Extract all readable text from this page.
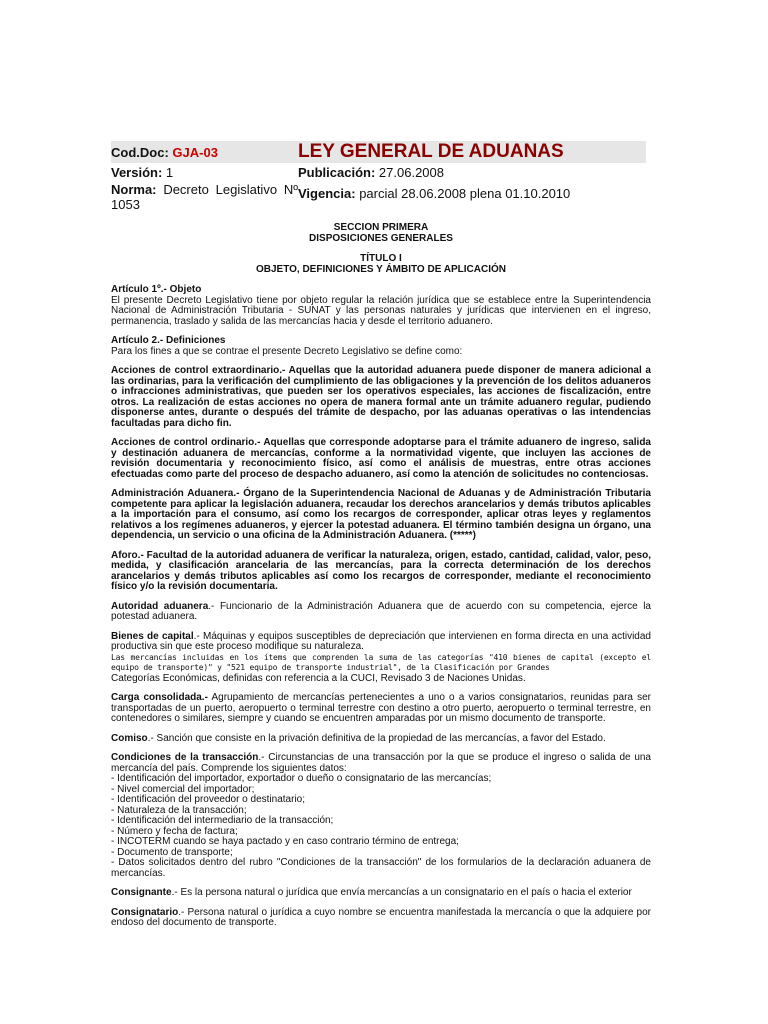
Cod.Doc: GJA-03	LEY GENERAL DE ADUANAS
Versión: 1	Publicación: 27.06.2008
Norma: Decreto Legislativo Nº 1053
Vigencia: parcial 28.06.2008 plena 01.10.2010
SECCION PRIMERA
DISPOSICIONES GENERALES
TÍTULO I
OBJETO, DEFINICIONES Y ÁMBITO DE APLICACIÓN
Artículo 1º.- Objeto
El presente Decreto Legislativo tiene por objeto regular la relación jurídica que se establece entre la Superintendencia Nacional de Administración Tributaria - SUNAT y las personas naturales y jurídicas que intervienen en el ingreso, permanencia, traslado y salida de las mercancías hacia y desde el territorio aduanero.
Artículo 2.- Definiciones
Para los fines a que se contrae el presente Decreto Legislativo se define como:
Acciones de control extraordinario.- Aquellas que la autoridad aduanera puede disponer de manera adicional a las ordinarias, para la verificación del cumplimiento de las obligaciones y la prevención de los delitos aduaneros o infracciones administrativas, que pueden ser los operativos especiales, las acciones de fiscalización, entre otros. La realización de estas acciones no opera de manera formal ante un trámite aduanero regular, pudiendo disponerse antes, durante o después del trámite de despacho, por las aduanas operativas o las intendencias facultadas para dicho fin.
Acciones de control ordinario.- Aquellas que corresponde adoptarse para el trámite aduanero de ingreso, salida y destinación aduanera de mercancías, conforme a la normatividad vigente, que incluyen las acciones de revisión documentaria y reconocimiento físico, así como el análisis de muestras, entre otras acciones efectuadas como parte del proceso de despacho aduanero, así como la atención de solicitudes no contenciosas.
Administración Aduanera.- Órgano de la Superintendencia Nacional de Aduanas y de Administración Tributaria competente para aplicar la legislación aduanera, recaudar los derechos arancelarios y demás tributos aplicables a la importación para el consumo, así como los recargos de corresponder, aplicar otras leyes y reglamentos relativos a los regímenes aduaneros, y ejercer la potestad aduanera. El término también designa un órgano, una dependencia, un servicio o una oficina de la Administración Aduanera. (*****)
Aforo.- Facultad de la autoridad aduanera de verificar la naturaleza, origen, estado, cantidad, calidad, valor, peso, medida, y clasificación arancelaria de las mercancías, para la correcta determinación de los derechos arancelarios y demás tributos aplicables así como los recargos de corresponder, mediante el reconocimiento físico y/o la revisión documentaria.
Autoridad aduanera.- Funcionario de la Administración Aduanera que de acuerdo con su competencia, ejerce la potestad aduanera.
Bienes de capital.- Máquinas y equipos susceptibles de depreciación que intervienen en forma directa en una actividad productiva sin que este proceso modifique su naturaleza.
Las mercancías incluidas en los ítems que comprenden la suma de las categorías "410 bienes de capital (excepto el equipo de transporte)" y "521 equipo de transporte industrial", de la Clasificación por Grandes
Categorías Económicas, definidas con referencia a la CUCI, Revisado 3 de Naciones Unidas.
Carga consolidada.- Agrupamiento de mercancías pertenecientes a uno o a varios consignatarios, reunidas para ser transportadas de un puerto, aeropuerto o terminal terrestre con destino a otro puerto, aeropuerto o terminal terrestre, en contenedores o similares, siempre y cuando se encuentren amparadas por un mismo documento de transporte.
Comiso.- Sanción que consiste en la privación definitiva de la propiedad de las mercancías, a favor del Estado.
Condiciones de la transacción.- Circunstancias de una transacción por la que se produce el ingreso o salida de una mercancía del país. Comprende los siguientes datos:
- Identificación del importador, exportador o dueño o consignatario de las mercancías;
- Nivel comercial del importador;
- Identificación del proveedor o destinatario;
- Naturaleza de la transacción;
- Identificación del intermediario de la transacción;
- Número y fecha de factura;
- INCOTERM cuando se haya pactado y en caso contrario término de entrega;
- Documento de transporte;
- Datos solicitados dentro del rubro "Condiciones de la transacción" de los formularios de la declaración aduanera de mercancías.
Consignante.- Es la persona natural o jurídica que envía mercancías a un consignatario en el país o hacia el exterior
Consignatario.- Persona natural o jurídica a cuyo nombre se encuentra manifestada la mercancía o que la adquiere por endoso del documento de transporte.
